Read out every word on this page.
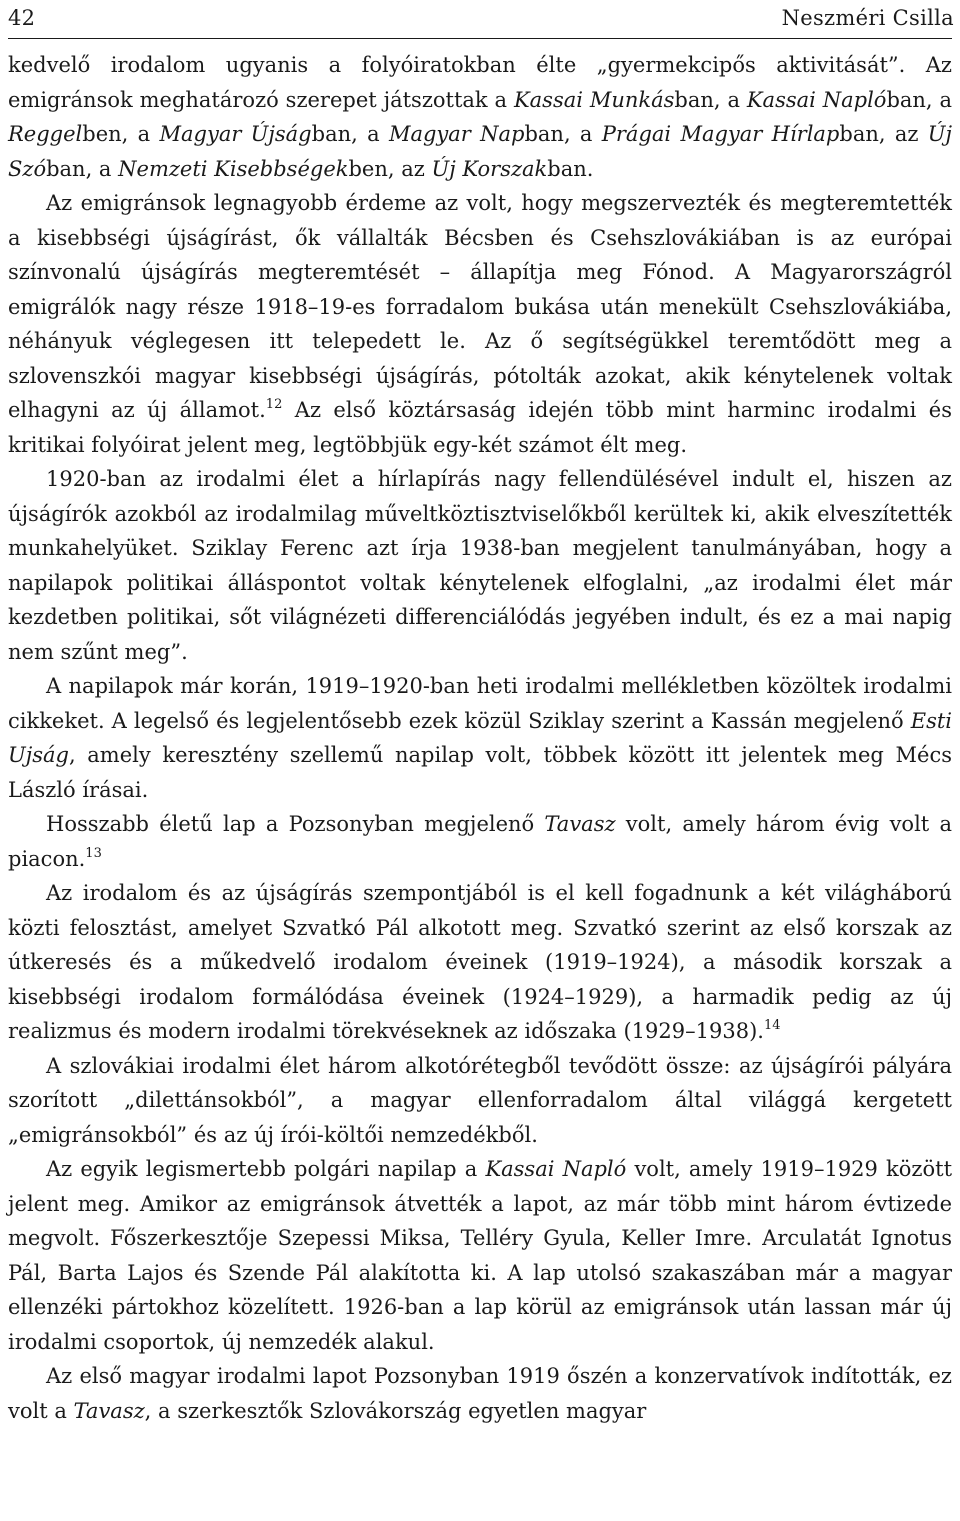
42	Neszméri Csilla

kedvelő irodalom ugyanis a folyóiratokban élte „gyermekcipős aktivitását”. Az emigránsok meghatározó szerepet játszottak a Kassai Munkásban, a Kassai Naplóban, a Reggelben, a Magyar Újságban, a Magyar Napban, a Prágai Magyar Hírlapban, az Új Szóban, a Nemzeti Kisebbségekben, az Új Korszakban.

Az emigránsok legnagyobb érdeme az volt, hogy megszervezték és megteremtették a kisebbségi újságírást, ők vállalták Bécsben és Csehszlovákiában is az európai színvonalú újságírás megteremtését – állapítja meg Fónod. A Magyarországról emigrálók nagy része 1918–19-es forradalom bukása után menekült Csehszlovákiába, néhányuk véglegesen itt telepedett le. Az ő segítségükkel teremtődött meg a szlovenszkói magyar kisebbségi újságírás, pótolták azokat, akik kénytelenek voltak elhagyni az új államot.$^{12}$ Az első köztársaság idején több mint harminc irodalmi és kritikai folyóirat jelent meg, legtöbbjük egy-két számot élt meg.

1920-ban az irodalmi élet a hírlapírás nagy fellendülésével indult el, hiszen az újságírók azokból az irodalmilag műveltköztisztviselőkből kerültek ki, akik elveszítették munkahelyüket. Sziklay Ferenc azt írja 1938-ban megjelent tanulmányában, hogy a napilapok politikai álláspontot voltak kénytelenek elfoglalni, „az irodalmi élet már kezdetben politikai, sőt világnézeti differenciálódás jegyében indult, és ez a mai napig nem szűnt meg”.

A napilapok már korán, 1919–1920-ban heti irodalmi mellékletben közöltek irodalmi cikkeket. A legelső és legjelentősebb ezek közül Sziklay szerint a Kassán megjelenő Esti Ujság, amely keresztény szellemű napilap volt, többek között itt jelentek meg Mécs László írásai.

Hosszabb életű lap a Pozsonyban megjelenő Tavasz volt, amely három évig volt a piacon.$^{13}$

Az irodalom és az újságírás szempontjából is el kell fogadnunk a két világháború közti felosztást, amelyet Szvatkó Pál alkotott meg. Szvatkó szerint az első korszak az útkeresés és a műkedvelő irodalom éveinek (1919–1924), a második korszak a kisebbségi irodalom formálódása éveinek (1924–1929), a harmadik pedig az új realizmus és modern irodalmi törekvéseknek az időszaka (1929–1938).$^{14}$

A szlovákiai irodalmi élet három alkotórétegből tevődött össze: az újságírói pályára szorított „dilettánsokból”, a magyar ellenforradalom által világgá kergetett „emigránsokból” és az új írói-költői nemzedékből.

Az egyik legismertebb polgári napilap a Kassai Napló volt, amely 1919–1929 között jelent meg. Amikor az emigránsok átvették a lapot, az már több mint három évtizede megvolt. Főszerkesztője Szepessi Miksa, Telléry Gyula, Keller Imre. Arculatát Ignotus Pál, Barta Lajos és Szende Pál alakította ki. A lap utolsó szakaszában már a magyar ellenzéki pártokhoz közelített. 1926-ban a lap körül az emigránsok után lassan már új irodalmi csoportok, új nemzedék alakul.

Az első magyar irodalmi lapot Pozsonyban 1919 őszén a konzervatívok indították, ez volt a Tavasz, a szerkesztők Szlovákország egyetlen magyar
